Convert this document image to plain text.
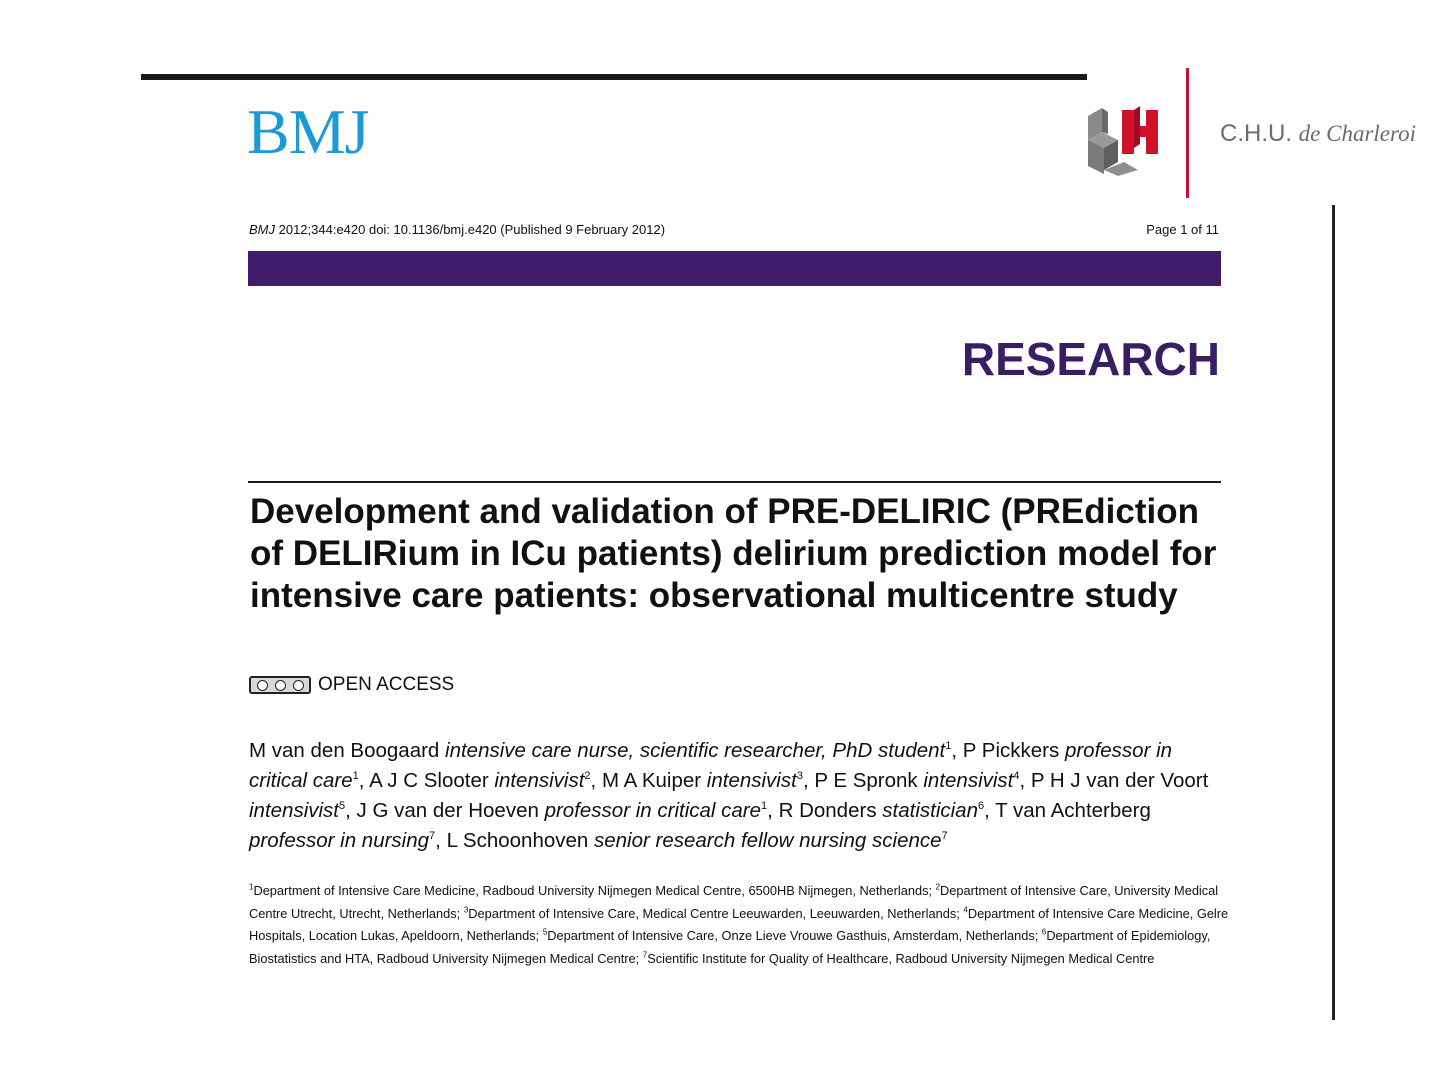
BMJ	C.H.U. de Charleroi
BMJ 2012;344:e420 doi: 10.1136/bmj.e420 (Published 9 February 2012)	Page 1 of 11
RESEARCH
Development and validation of PRE-DELIRIC (PREdiction of DELIRium in ICu patients) delirium prediction model for intensive care patients: observational multicentre study
OPEN ACCESS

M van den Boogaard intensive care nurse, scientific researcher, PhD student$^1$, P Pickkers professor in critical care$^1$, A J C Slooter intensivist$^2$, M A Kuiper intensivist$^3$, P E Spronk intensivist$^4$, P H J van der Voort intensivist$^5$, J G van der Hoeven professor in critical care$^1$, R Donders statistician$^6$, T van Achterberg professor in nursing$^7$, L Schoonhoven senior research fellow nursing science$^7$

$^1$Department of Intensive Care Medicine, Radboud University Nijmegen Medical Centre, 6500HB Nijmegen, Netherlands; $^2$Department of Intensive Care, University Medical Centre Utrecht, Utrecht, Netherlands; $^3$Department of Intensive Care, Medical Centre Leeuwarden, Leeuwarden, Netherlands; $^4$Department of Intensive Care Medicine, Gelre Hospitals, Location Lukas, Apeldoorn, Netherlands; $^5$Department of Intensive Care, Onze Lieve Vrouwe Gasthuis, Amsterdam, Netherlands; $^6$Department of Epidemiology, Biostatistics and HTA, Radboud University Nijmegen Medical Centre; $^7$Scientific Institute for Quality of Healthcare, Radboud University Nijmegen Medical Centre
